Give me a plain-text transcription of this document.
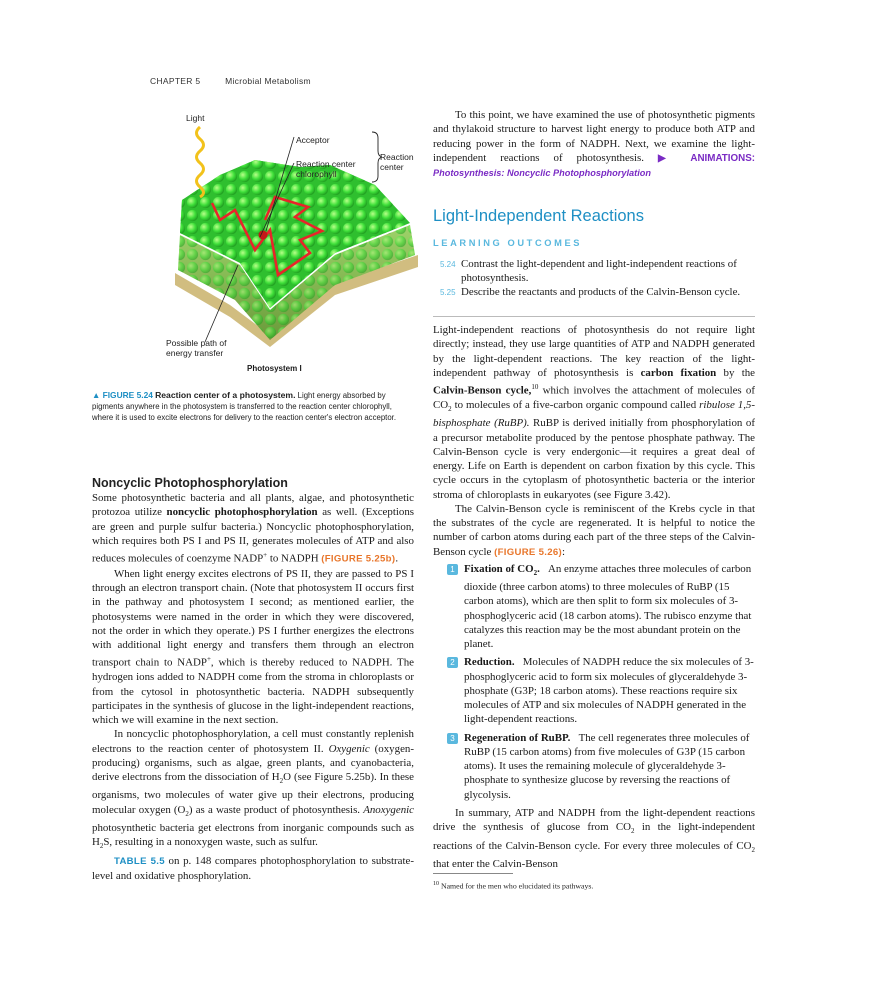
CHAPTER 5	Microbial Metabolism
Light
Acceptor
Reaction center chlorophyll
Reaction center
Possible path of energy transfer
Photosystem I
▲ FIGURE 5.24 Reaction center of a photosystem. Light energy absorbed by pigments anywhere in the photosystem is transferred to the reaction center chlorophyll, where it is used to excite electrons for delivery to the reaction center's electron acceptor.
Noncyclic Photophosphorylation

Some photosynthetic bacteria and all plants, algae, and photosynthetic protozoa utilize noncyclic photophosphorylation as well. (Exceptions are green and purple sulfur bacteria.) Noncyclic photophosphorylation, which requires both PS I and PS II, generates molecules of ATP and also reduces molecules of coenzyme NADP+ to NADPH (FIGURE 5.25b).

When light energy excites electrons of PS II, they are passed to PS I through an electron transport chain. (Note that photosystem II occurs first in the pathway and photosystem I second; as mentioned earlier, the photosystems were named in the order in which they were discovered, not the order in which they operate.) PS I further energizes the electrons with additional light energy and transfers them through an electron transport chain to NADP+, which is thereby reduced to NADPH. The hydrogen ions added to NADPH come from the stroma in chloroplasts or from the cytosol in photosynthetic bacteria. NADPH subsequently participates in the synthesis of glucose in the light-independent reactions, which we will examine in the next section.

In noncyclic photophosphorylation, a cell must constantly replenish electrons to the reaction center of photosystem II. Oxygenic (oxygen-producing) organisms, such as algae, green plants, and cyanobacteria, derive electrons from the dissociation of $H_2O$ (see Figure 5.25b). In these organisms, two molecules of water give up their electrons, producing molecular oxygen $(O_2)$ as a waste product of photosynthesis. Anoxygenic photosynthetic bacteria get electrons from inorganic compounds such as $H_2S$, resulting in a nonoxygen waste, such as sulfur.

TABLE 5.5 on p. 148 compares photophosphorylation to substrate-level and oxidative phosphorylation.

To this point, we have examined the use of photosynthetic pigments and thylakoid structure to harvest light energy to produce both ATP and reducing power in the form of NADPH. Next, we examine the light-independent reactions of photosynthesis. ▶ ANIMATIONS: Photosynthesis: Noncyclic Photophosphorylation

Light-Independent Reactions
LEARNING OUTCOMES
5.24 Contrast the light-dependent and light-independent reactions of photosynthesis.
5.25 Describe the reactants and products of the Calvin-Benson cycle.

Light-independent reactions of photosynthesis do not require light directly; instead, they use large quantities of ATP and NADPH generated by the light-dependent reactions. The key reaction of the light-independent pathway of photosynthesis is carbon fixation by the Calvin-Benson cycle,$^{10}$ which involves the attachment of molecules of $CO_2$ to molecules of a five-carbon organic compound called ribulose 1,5-bisphosphate (RuBP). RuBP is derived initially from phosphorylation of a precursor metabolite produced by the pentose phosphate pathway. The Calvin-Benson cycle is very endergonic—it requires a great deal of energy. Life on Earth is dependent on carbon fixation by this cycle. This cycle occurs in the cytoplasm of photosynthetic bacteria or the interior stroma of chloroplasts in eukaryotes (see Figure 3.42).

The Calvin-Benson cycle is reminiscent of the Krebs cycle in that the substrates of the cycle are regenerated. It is helpful to notice the number of carbon atoms during each part of the three steps of the Calvin-Benson cycle (FIGURE 5.26):

1 Fixation of $CO_2$. An enzyme attaches three molecules of carbon dioxide (three carbon atoms) to three molecules of RuBP (15 carbon atoms), which are then split to form six molecules of 3-phosphoglyceric acid (18 carbon atoms). The rubisco enzyme that catalyzes this reaction may be the most abundant protein on the planet.
2 Reduction. Molecules of NADPH reduce the six molecules of 3-phosphoglyceric acid to form six molecules of glyceraldehyde 3-phosphate (G3P; 18 carbon atoms). These reactions require six molecules of ATP and six molecules of NADPH generated in the light-dependent reactions.
3 Regeneration of RuBP. The cell regenerates three molecules of RuBP (15 carbon atoms) from five molecules of G3P (15 carbon atoms). It uses the remaining molecule of glyceraldehyde 3-phosphate to synthesize glucose by reversing the reactions of glycolysis.

In summary, ATP and NADPH from the light-dependent reactions drive the synthesis of glucose from $CO_2$ in the light-independent reactions of the Calvin-Benson cycle. For every three molecules of $CO_2$ that enter the Calvin-Benson

$^{10}$ Named for the men who elucidated its pathways.
